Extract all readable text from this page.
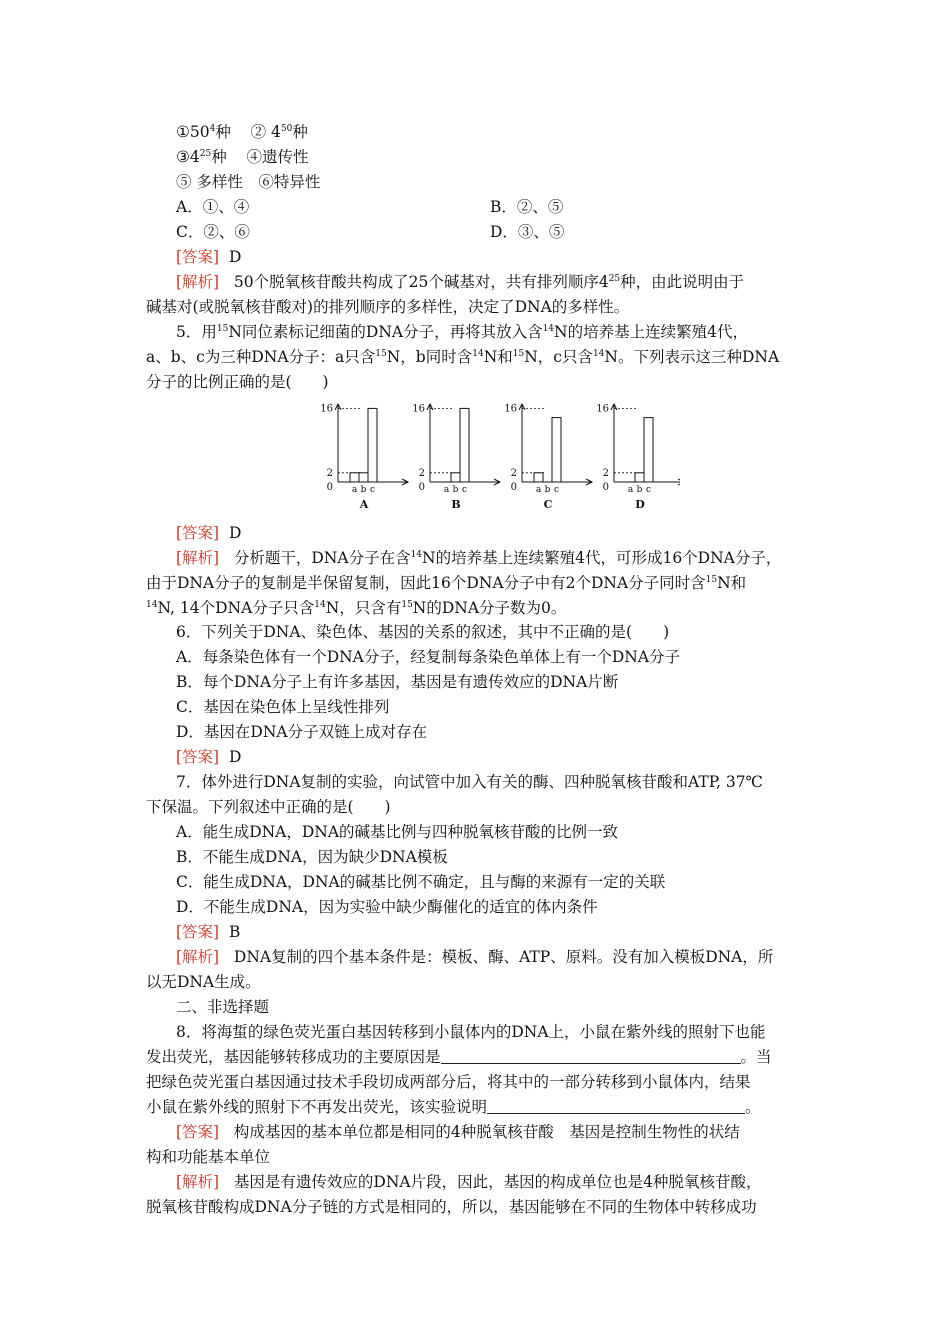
$①50^4$种 ② $4^{50}$种
$③4^{25}$种 ④遗传性
⑤ 多样性　⑥特异性
A．①、④	B．②、⑤
C．②、⑥	D．③、⑤
[答案] D
[解析] 50个脱氧核苷酸共构成了25个碱基对，共有排列顺序$4^{25}$种，由此说明由于
碱基对(或脱氧核苷酸对)的排列顺序的多样性，决定了DNA的多样性。
5．用$^{15}$N同位素标记细菌的DNA分子，再将其放入含$^{14}$N的培养基上连续繁殖4代，
a、b、c为三种DNA分子：a只含$^{15}$N，b同时含$^{14}$N和$^{15}$N，c只含$^{14}$N。下列表示这三种DNA
分子的比例正确的是(　　)
0
2
16
a b c
A
0
2
16
a b c
B
0
2
16
a b c
C
0
2
16
a b c
D
[答案] D
[解析] 分析题干，DNA分子在含$^{14}$N的培养基上连续繁殖4代，可形成16个DNA分子，
由于DNA分子的复制是半保留复制，因此16个DNA分子中有2个DNA分子同时含$^{15}$N和
$^{14}$N, 14个DNA分子只含$^{14}$N，只含有$^{15}$N的DNA分子数为0。
6．下列关于DNA、染色体、基因的关系的叙述，其中不正确的是(　　)
A．每条染色体有一个DNA分子，经复制每条染色单体上有一个DNA分子
B．每个DNA分子上有许多基因，基因是有遗传效应的DNA片断
C．基因在染色体上呈线性排列
D．基因在DNA分子双链上成对存在
[答案] D
7．体外进行DNA复制的实验，向试管中加入有关的酶、四种脱氧核苷酸和ATP, 37℃
下保温。下列叙述中正确的是(　　)
A．能生成DNA，DNA的碱基比例与四种脱氧核苷酸的比例一致
B．不能生成DNA，因为缺少DNA模板
C．能生成DNA，DNA的碱基比例不确定，且与酶的来源有一定的关联
D．不能生成DNA，因为实验中缺少酶催化的适宜的体内条件
[答案] B
[解析] DNA复制的四个基本条件是：模板、酶、ATP、原料。没有加入模板DNA，所
以无DNA生成。
二、非选择题
8．将海蜇的绿色荧光蛋白基因转移到小鼠体内的DNA上，小鼠在紫外线的照射下也能
发出荧光，基因能够转移成功的主要原因是	。当
把绿色荧光蛋白基因通过技术手段切成两部分后，将其中的一部分转移到小鼠体内，结果
小鼠在紫外线的照射下不再发出荧光，该实验说明	。
[答案] 构成基因的基本单位都是相同的4种脱氧核苷酸　基因是控制生物性的状结
构和功能基本单位
[解析] 基因是有遗传效应的DNA片段，因此，基因的构成单位也是4种脱氧核苷酸，
脱氧核苷酸构成DNA分子链的方式是相同的，所以，基因能够在不同的生物体中转移成功
